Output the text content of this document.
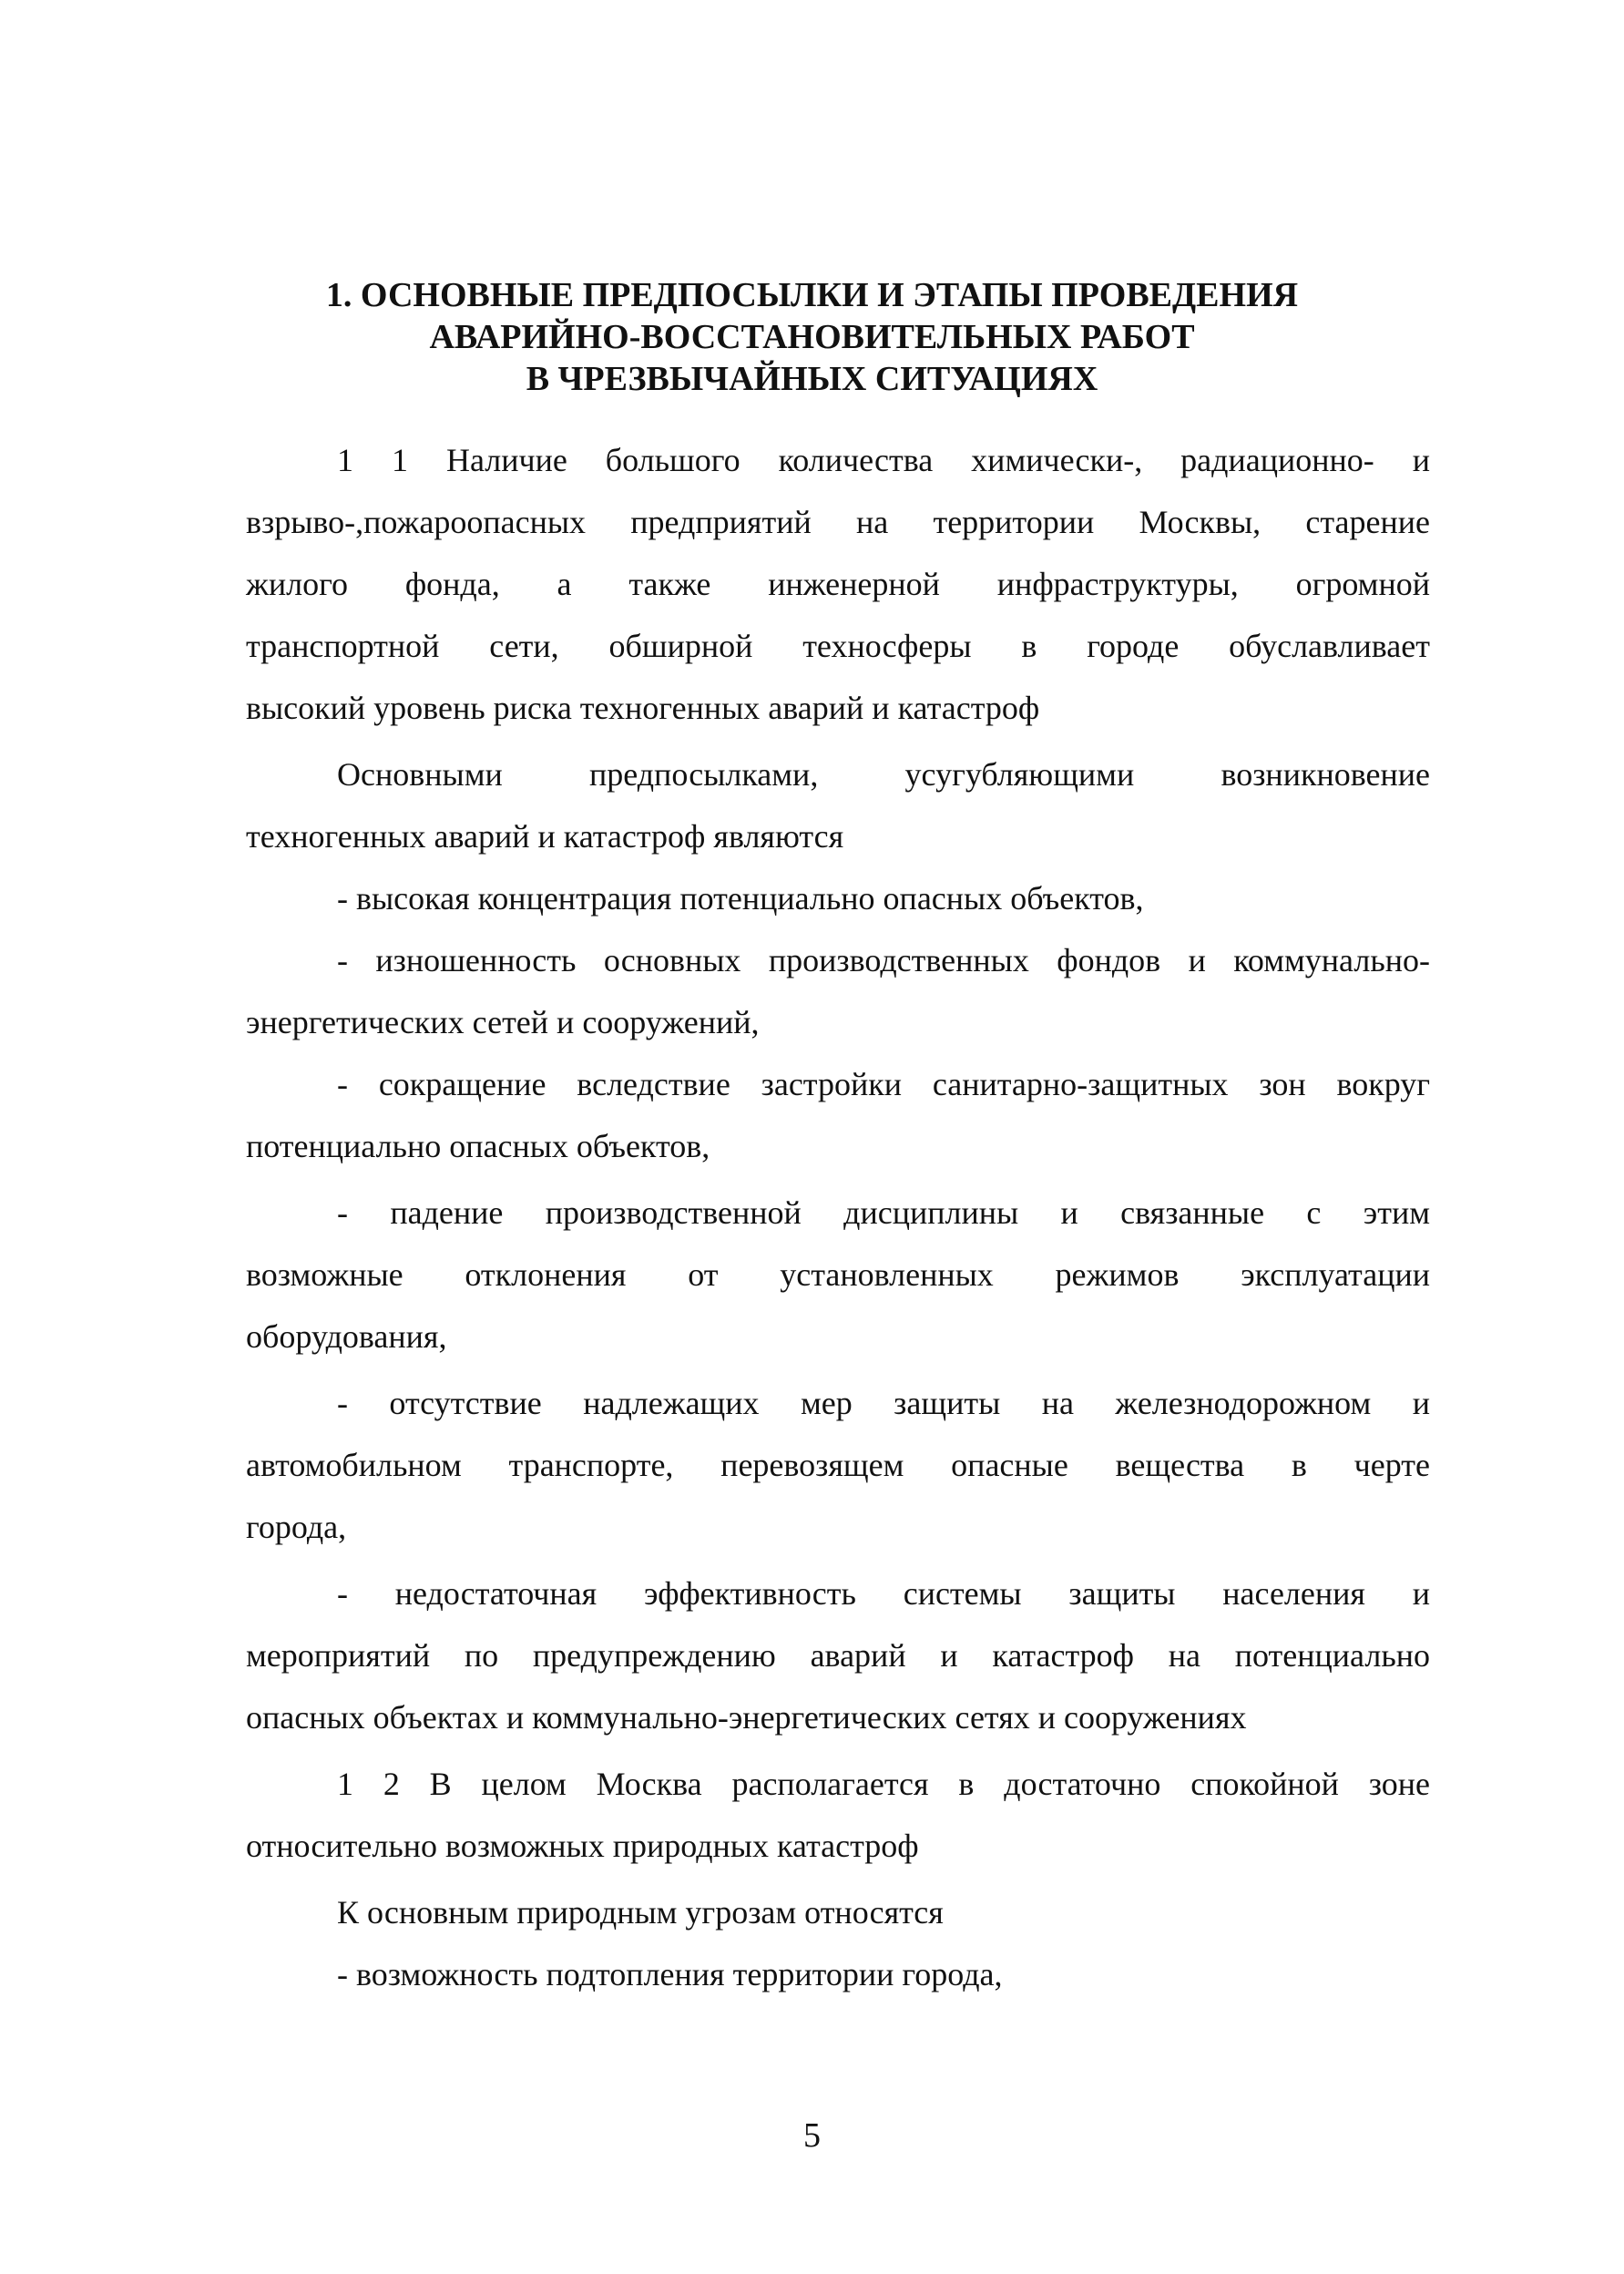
1. ОСНОВНЫЕ ПРЕДПОСЫЛКИ И ЭТАПЫ ПРОВЕДЕНИЯ
АВАРИЙНО-ВОССТАНОВИТЕЛЬНЫХ РАБОТ
В ЧРЕЗВЫЧАЙНЫХ СИТУАЦИЯХ
1 1 Наличие большого количества химически-, радиационно- и
взрыво-,пожароопасных предприятий на территории Москвы, старение
жилого фонда, а также инженерной инфраструктуры, огромной
транспортной сети, обширной техносферы в городе обуславливает
высокий уровень риска техногенных аварий и катастроф
Основными предпосылками, усугубляющими возникновение
техногенных аварий и катастроф являются
- высокая концентрация потенциально опасных объектов,
- изношенность основных производственных фондов и коммунально-
энергетических сетей и сооружений,
- сокращение вследствие застройки санитарно-защитных зон вокруг
потенциально опасных объектов,
- падение производственной дисциплины и связанные с этим
возможные отклонения от установленных режимов эксплуатации
оборудования,
- отсутствие надлежащих мер защиты на железнодорожном и
автомобильном транспорте, перевозящем опасные вещества в черте
города,
- недостаточная эффективность системы защиты населения и
мероприятий по предупреждению аварий и катастроф на потенциально
опасных объектах и коммунально-энергетических сетях и сооружениях
1 2 В целом Москва располагается в достаточно спокойной зоне
относительно возможных природных катастроф
К основным природным угрозам относятся
- возможность подтопления территории города,
5
